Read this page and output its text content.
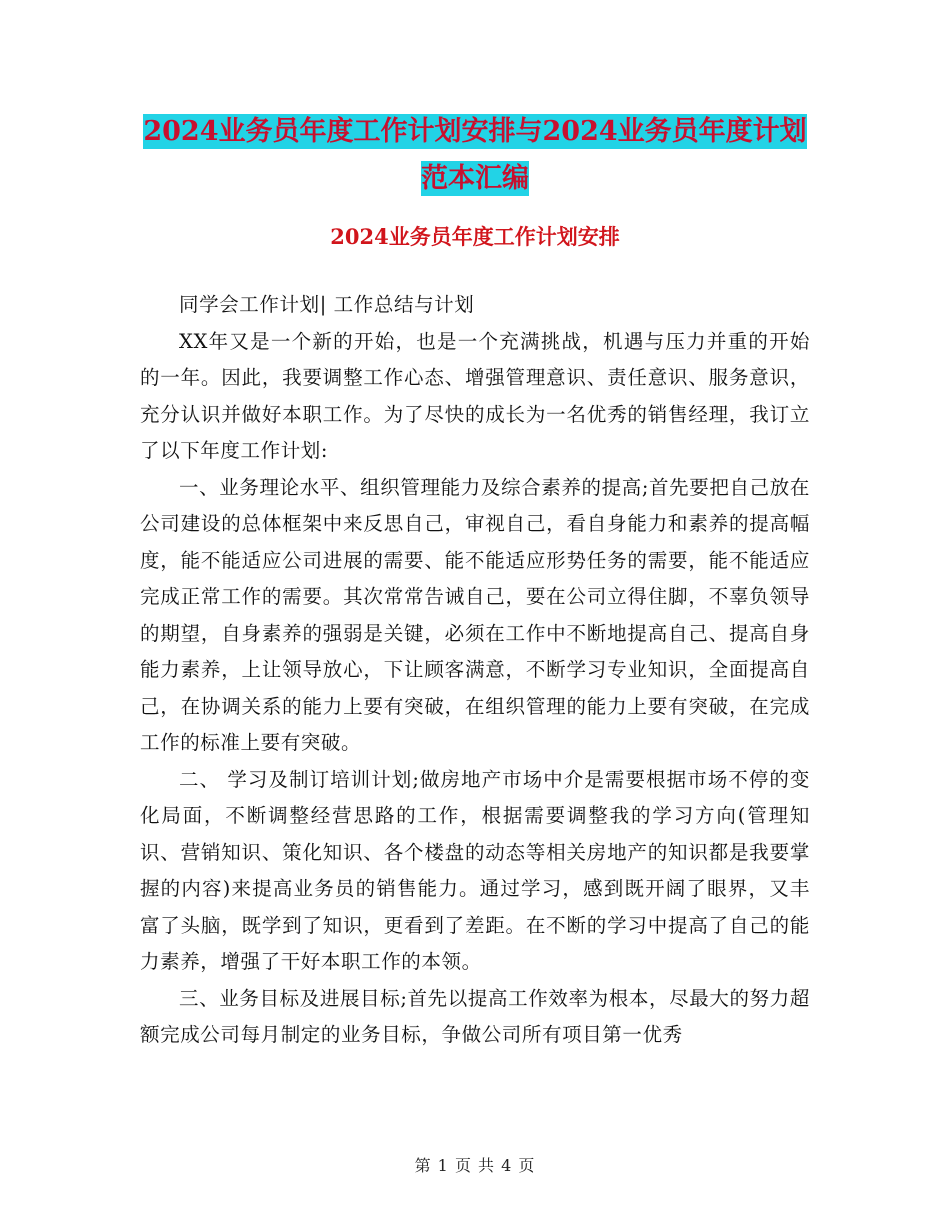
2024业务员年度工作计划安排与2024业务员年度计划
范本汇编
2024业务员年度工作计划安排

同学会工作计划| 工作总结与计划

XX年又是一个新的开始，也是一个充满挑战，机遇与压力并重的开始的一年。因此，我要调整工作心态、增强管理意识、责任意识、服务意识，充分认识并做好本职工作。为了尽快的成长为一名优秀的销售经理，我订立了以下年度工作计划:

一、业务理论水平、组织管理能力及综合素养的提高;首先要把自己放在公司建设的总体框架中来反思自己，审视自己，看自身能力和素养的提高幅度，能不能适应公司进展的需要、能不能适应形势任务的需要，能不能适应完成正常工作的需要。其次常常告诫自己，要在公司立得住脚，不辜负领导的期望，自身素养的强弱是关键，必须在工作中不断地提高自己、提高自身能力素养，上让领导放心，下让顾客满意，不断学习专业知识，全面提高自己，在协调关系的能力上要有突破，在组织管理的能力上要有突破，在完成工作的标准上要有突破。

二、 学习及制订培训计划;做房地产市场中介是需要根据市场不停的变化局面，不断调整经营思路的工作，根据需要调整我的学习方向(管理知识、营销知识、策化知识、各个楼盘的动态等相关房地产的知识都是我要掌握的内容)来提高业务员的销售能力。通过学习，感到既开阔了眼界，又丰富了头脑，既学到了知识，更看到了差距。在不断的学习中提高了自己的能力素养，增强了干好本职工作的本领。

三、业务目标及进展目标;首先以提高工作效率为根本，尽最大的努力超额完成公司每月制定的业务目标，争做公司所有项目第一优秀

第 1 页 共 4 页
